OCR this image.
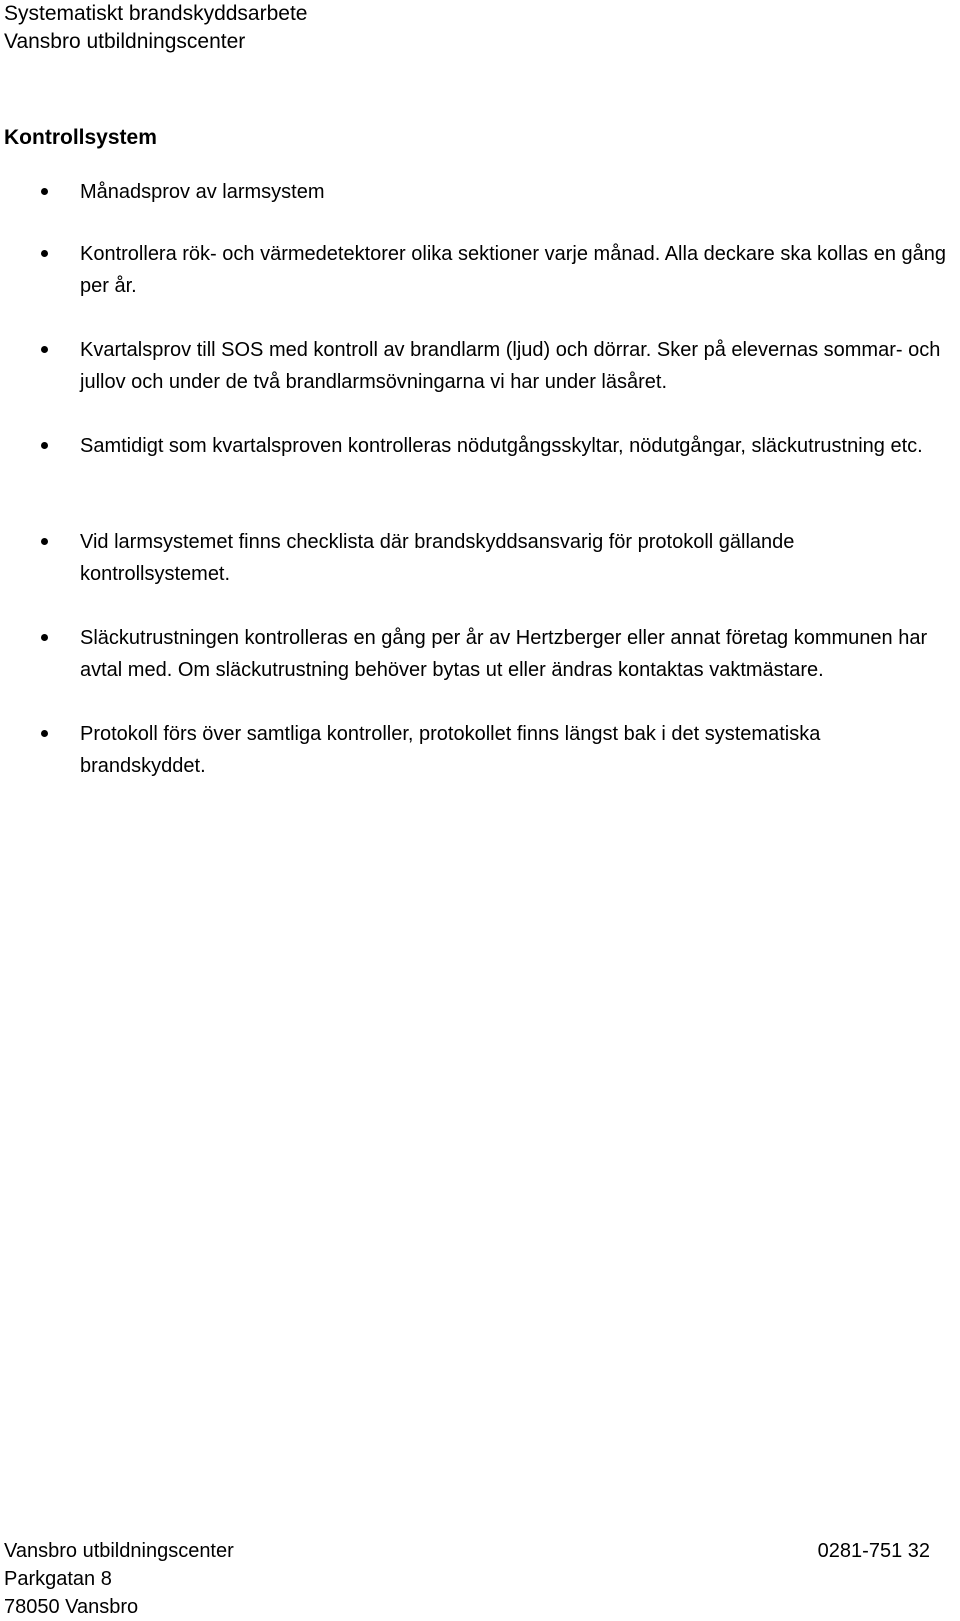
Systematiskt brandskyddsarbete
Vansbro utbildningscenter
Kontrollsystem
Månadsprov av larmsystem
Kontrollera rök- och värmedetektorer olika sektioner varje månad. Alla deckare ska kollas en gång per år.
Kvartalsprov till SOS med kontroll av brandlarm (ljud) och dörrar. Sker på elevernas sommar- och jullov och under de två brandlarmsövningarna vi har under läsåret.
Samtidigt som kvartalsproven kontrolleras nödutgångsskyltar, nödutgångar, släckutrustning etc.
Vid larmsystemet finns checklista där brandskyddsansvarig för protokoll gällande kontrollsystemet.
Släckutrustningen kontrolleras en gång per år av Hertzberger eller annat företag kommunen har avtal med. Om släckutrustning behöver bytas ut eller ändras kontaktas vaktmästare.
Protokoll förs över samtliga kontroller, protokollet finns längst bak i det systematiska brandskyddet.
Vansbro utbildningscenter
Parkgatan 8
78050 Vansbro
0281-751 32
